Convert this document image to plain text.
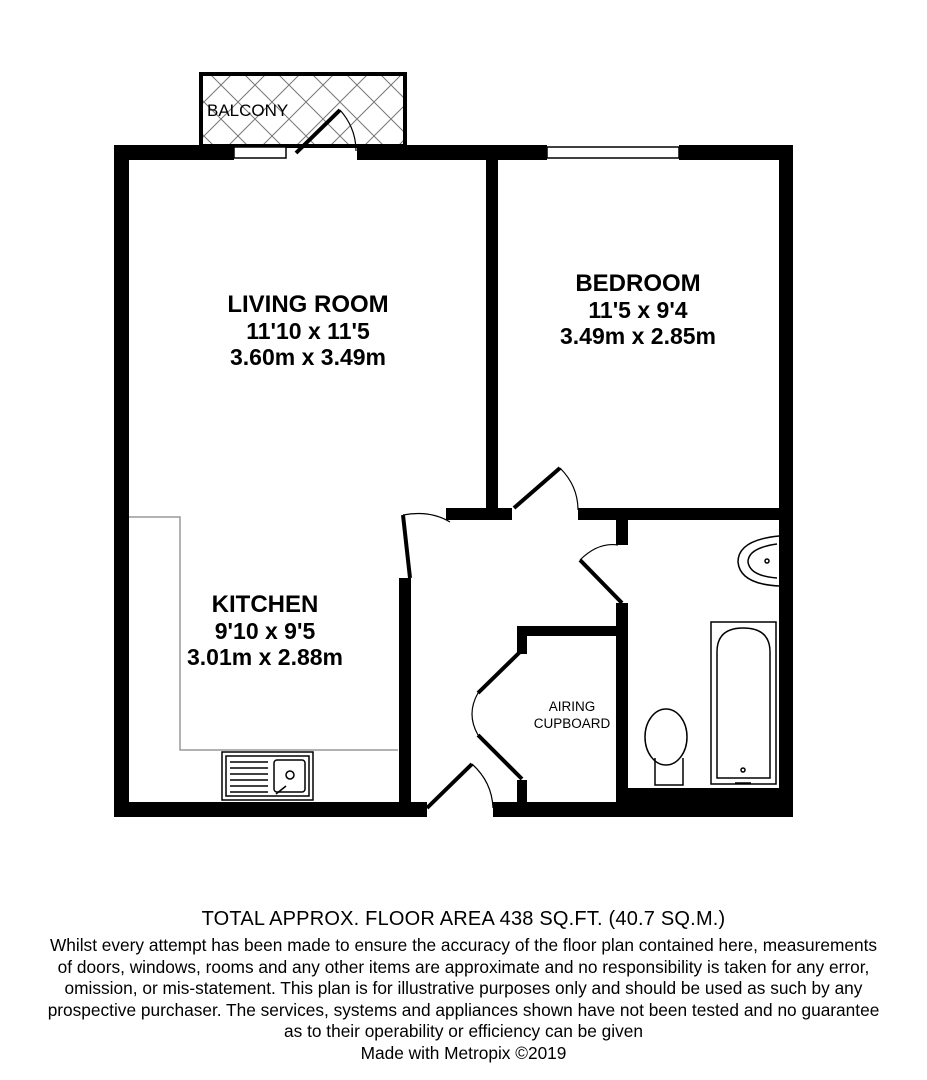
BALCONY
LIVING ROOM
11'10 x 11'5
3.60m x 3.49m
BEDROOM
11'5 x 9'4
3.49m x 2.85m
KITCHEN
9'10 x 9'5
3.01m x 2.88m
AIRING
CUPBOARD
TOTAL APPROX. FLOOR AREA 438 SQ.FT. (40.7 SQ.M.)
Whilst every attempt has been made to ensure the accuracy of the floor plan contained here, measurements
of doors, windows, rooms and any other items are approximate and no responsibility is taken for any error,
omission, or mis-statement. This plan is for illustrative purposes only and should be used as such by any
prospective purchaser. The services, systems and appliances shown have not been tested and no guarantee
as to their operability or efficiency can be given
Made with Metropix ©2019
